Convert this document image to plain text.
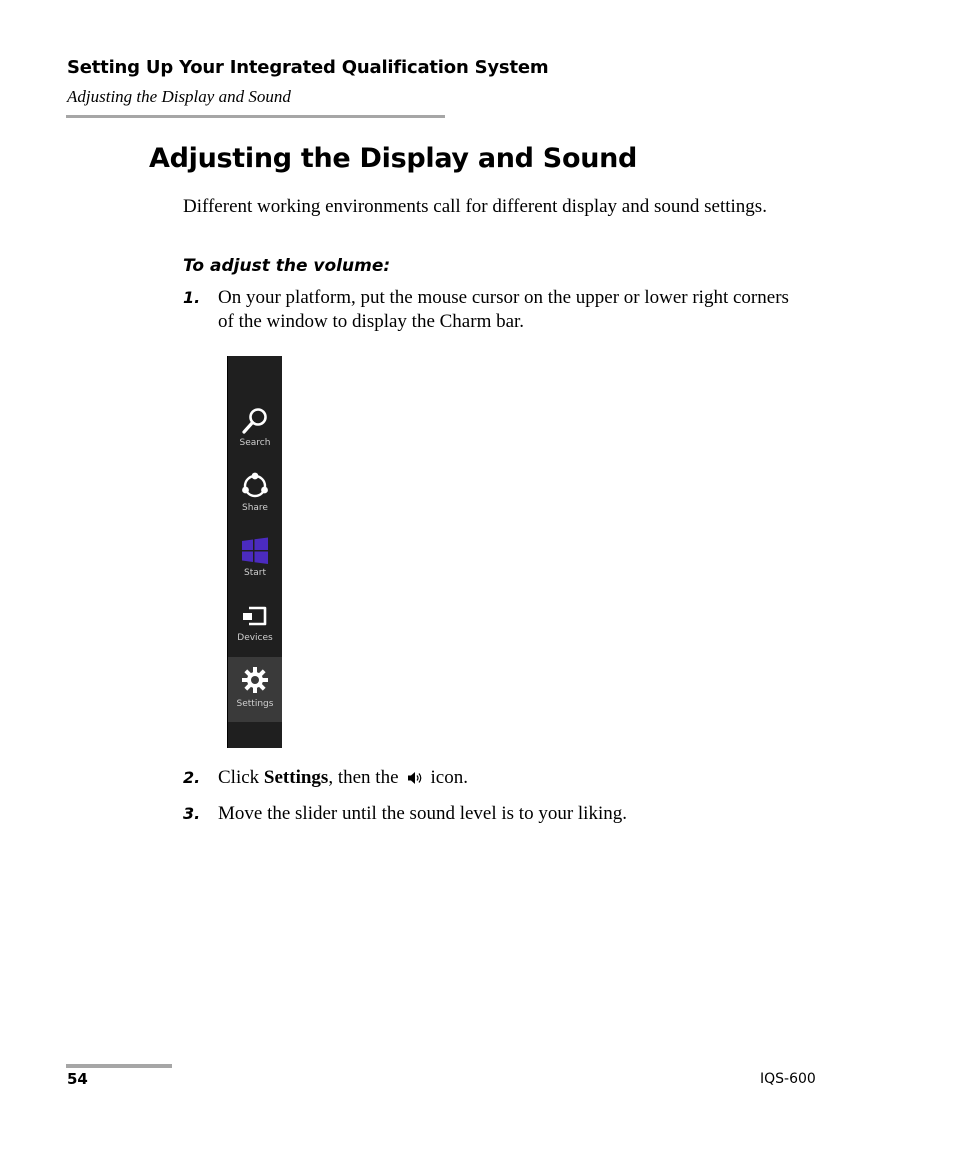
Setting Up Your Integrated Qualification System
Adjusting the Display and Sound
Adjusting the Display and Sound
Different working environments call for different display and sound settings.
To adjust the volume:
1. On your platform, put the mouse cursor on the upper or lower right corners of the window to display the Charm bar.
Search
Share
Start
Devices
Settings
2. Click Settings, then the icon.
3. Move the slider until the sound level is to your liking.
54	IQS-600
